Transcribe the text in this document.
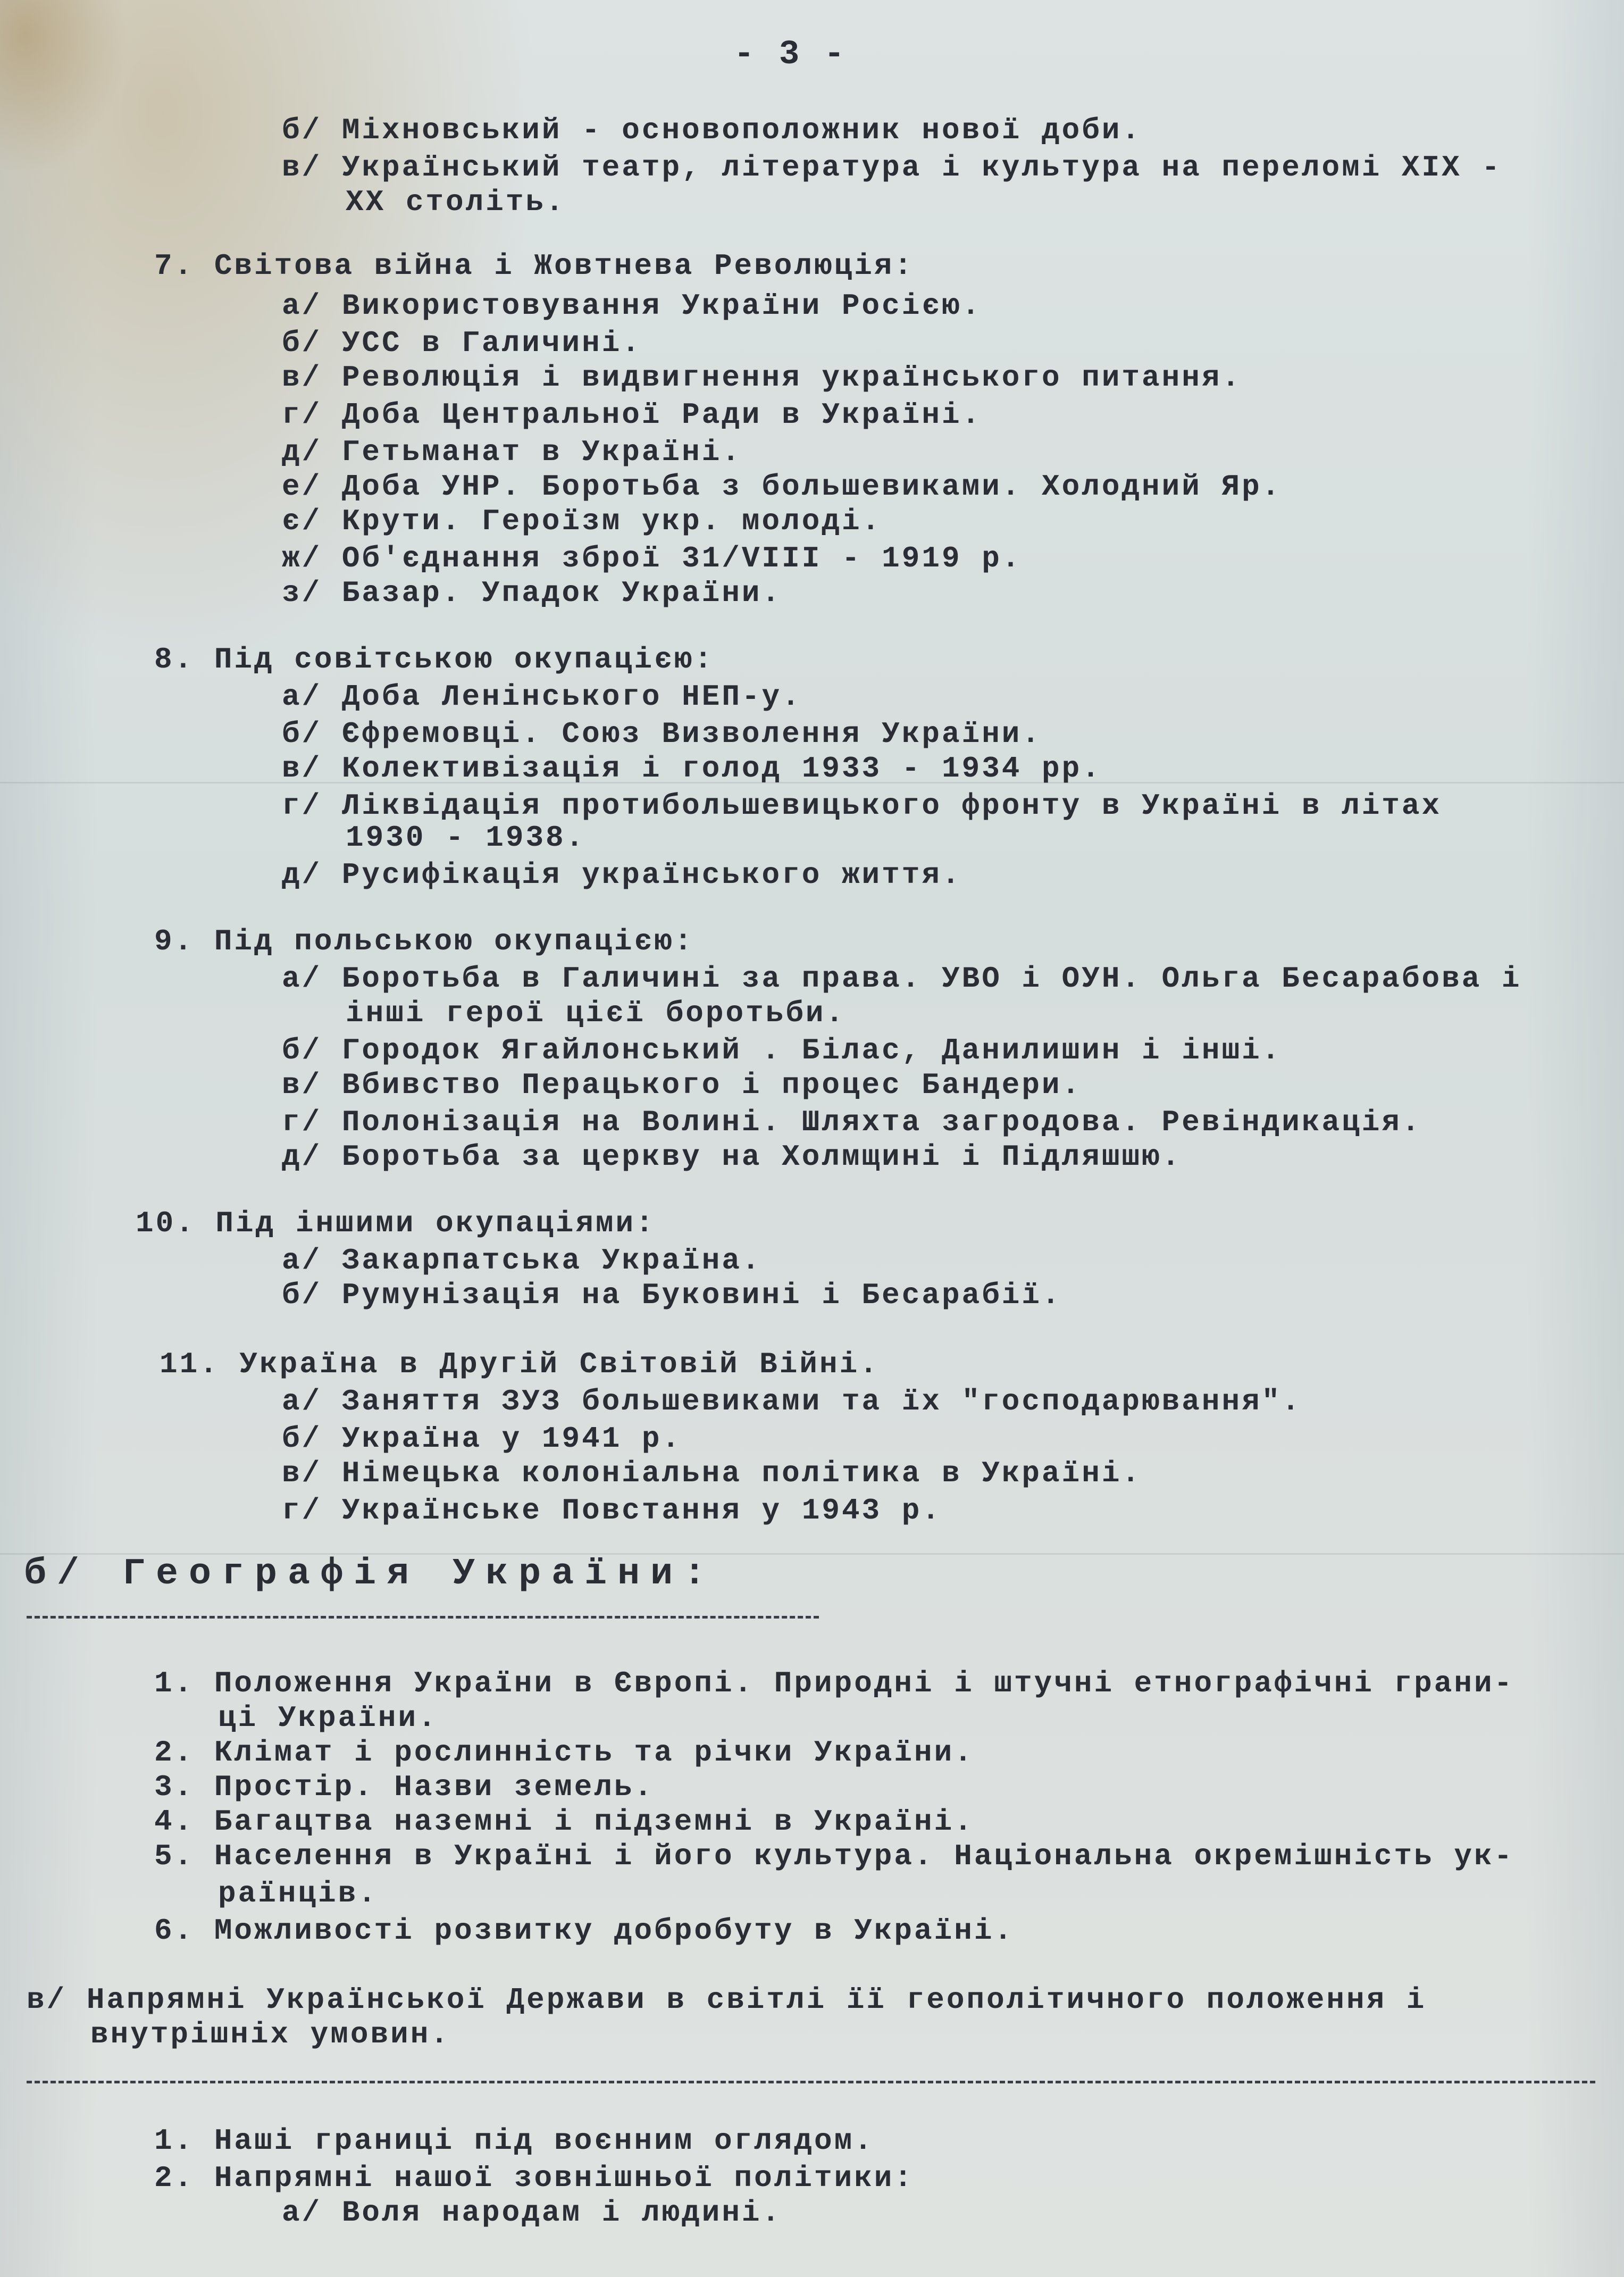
- 3 -
б/ Міхновський - основоположник нової доби.
в/ Український театр, література і культура на переломі XIX -
XX століть.
7. Світова війна і Жовтнева Революція:
а/ Використовування України Росією.
б/ УСС в Галичині.
в/ Революція і видвигнення українського питання.
г/ Доба Центральної Ради в Україні.
д/ Гетьманат в Україні.
е/ Доба УНР. Боротьба з большевиками. Холодний Яр.
є/ Крути. Героїзм укр. молоді.
ж/ Об'єднання зброї 31/VIII - 1919 р.
з/ Базар. Упадок України.
8. Під совітською окупацією:
а/ Доба Ленінського НЕП-у.
б/ Єфремовці. Союз Визволення України.
в/ Колективізація і голод 1933 - 1934 рр.
г/ Ліквідація протибольшевицького фронту в Україні в літах
1930 - 1938.
д/ Русифікація українського життя.
9. Під польською окупацією:
а/ Боротьба в Галичині за права. УВО і ОУН. Ольга Бесарабова і
інші герої цієї боротьби.
б/ Городок Ягайлонський . Білас, Данилишин і інші.
в/ Вбивство Перацького і процес Бандери.
г/ Полонізація на Волині. Шляхта загродова. Ревіндикація.
д/ Боротьба за церкву на Холмщині і Підляшшю.
10. Під іншими окупаціями:
а/ Закарпатська Україна.
б/ Румунізація на Буковині і Бесарабії.
11. Україна в Другій Світовій Війні.
а/ Заняття ЗУЗ большевиками та їх "господарювання".
б/ Україна у 1941 р.
в/ Німецька колоніальна політика в Україні.
г/ Українське Повстання у 1943 р.
б/ Географія України:
1. Положення України в Європі. Природні і штучні етнографічні грани-
ці України.
2. Клімат і рослинність та річки України.
3. Простір. Назви земель.
4. Багацтва наземні і підземні в Україні.
5. Населення в Україні і його культура. Національна окремішність ук-
раїнців.
6. Можливості розвитку добробуту в Україні.
в/ Напрямні Української Держави в світлі її геополітичного положення і
внутрішніх умовин.
1. Наші границі під воєнним оглядом.
2. Напрямні нашої зовнішньої політики:
а/ Воля народам і людині.
